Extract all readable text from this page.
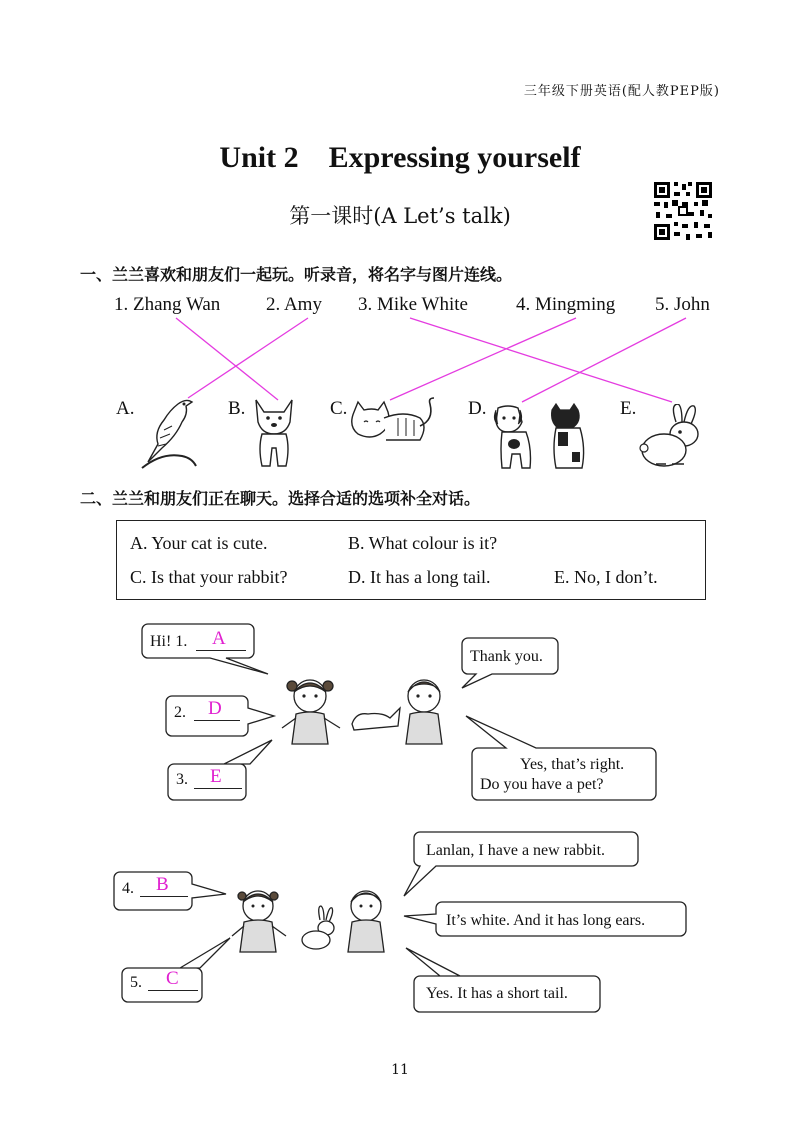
三年级下册英语(配人教PEP版)
Unit 2　Expressing yourself
第一课时(A Let’s talk)
一、兰兰喜欢和朋友们一起玩。听录音，将名字与图片连线。
1. Zhang Wan 2. Amy 3. Mike White	4. Mingming 5. John
A.	B.	C.	D.	E.
二、兰兰和朋友们正在聊天。选择合适的选项补全对话。
A. Your cat is cute.	B. What colour is it?
C. Is that your rabbit?	D. It has a long tail.	E. No, I don’t.
Hi! 1. A
2. D
3. E
Thank you.
Yes, that’s right.
Do you have a pet?
4. B
5. C
Lanlan, I have a new rabbit.
It’s white. And it has long ears.
Yes. It has a short tail.
11
